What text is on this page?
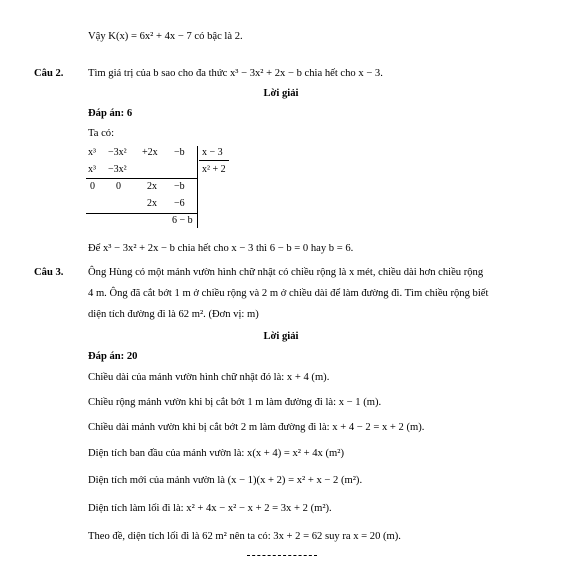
Vậy K(x) = 6x² + 4x − 7 có bậc là 2.
Câu 2. Tìm giá trị của b sao cho đa thức x³ − 3x² + 2x − b chia hết cho x − 3.
Lời giải
Đáp án: 6
Ta có:
x³ −3x² +2x −b x − 3
x³ −3x²	x² + 2
0 0	2x −b
2x −6
6 − b
Để x³ − 3x² + 2x − b chia hết cho x − 3 thì 6 − b = 0 hay b = 6.
Câu 3. Ông Hùng có một mảnh vườn hình chữ nhật có chiều rộng là x mét, chiều dài hơn chiều rộng
4 m. Ông đã cắt bớt 1 m ở chiều rộng và 2 m ở chiều dài để làm đường đi. Tìm chiều rộng biết
diện tích đường đi là 62 m². (Đơn vị: m)
Lời giải
Đáp án: 20
Chiều dài của mảnh vườn hình chữ nhật đó là: x + 4 (m).
Chiều rộng mảnh vườn khi bị cắt bớt 1 m làm đường đi là: x − 1 (m).
Chiều dài mảnh vườn khi bị cắt bớt 2 m làm đường đi là: x + 4 − 2 = x + 2 (m).
Diện tích ban đầu của mảnh vườn là: x(x + 4) = x² + 4x (m²)
Diện tích mới của mảnh vườn là (x − 1)(x + 2) = x² + x − 2 (m²).
Diện tích làm lối đi là: x² + 4x − x² − x + 2 = 3x + 2 (m²).
Theo đề, diện tích lối đi là 62 m² nên ta có: 3x + 2 = 62 suy ra x = 20 (m).
